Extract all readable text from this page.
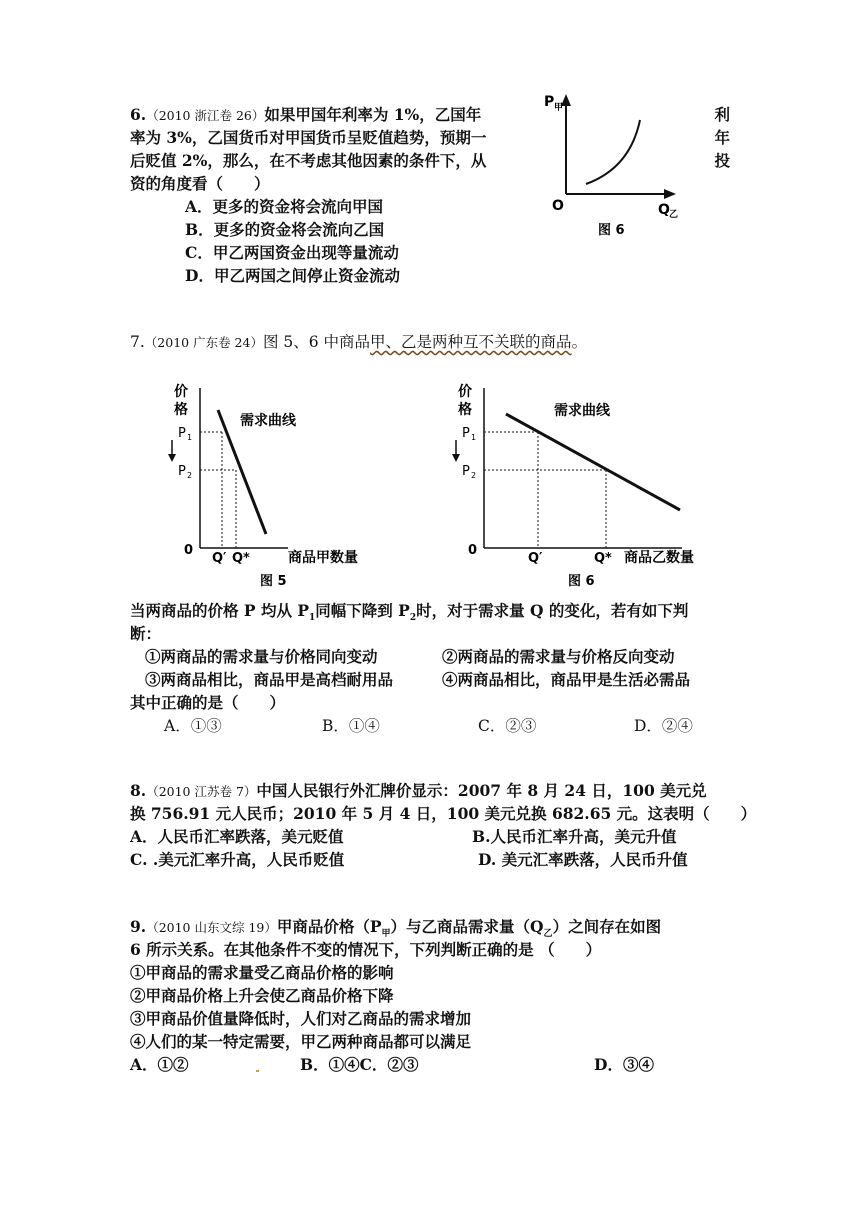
6.（2010 浙江卷 26）如果甲国年利率为 1%，乙国年	利
率为 3%，乙国货币对甲国货币呈贬值趋势，预期一	年
后贬值 2%，那么，在不考虑其他因素的条件下，从	投
资的角度看（　　）
A．更多的资金将会流向甲国
B．更多的资金将会流向乙国
C．甲乙两国资金出现等量流动
D．甲乙两国之间停止资金流动
P 甲
O	Q 乙
图 6
7.（2010 广东卷 24）图 5、6 中商品甲、乙是两种互不关联的商品。
价
格
P 1
P 2
需求曲线
0
Q′ Q*	商品甲数量
图 5
价
格
P 1
P 2
需求曲线
0
Q′	Q* 商品乙数量
图 6
当两商品的价格 P 均从 $P_1$同幅下降到 $P_2$时，对于需求量 Q 的变化，若有如下判
断：
①两商品的需求量与价格同向变动	②两商品的需求量与价格反向变动
③两商品相比，商品甲是高档耐用品	④两商品相比，商品甲是生活必需品
其中正确的是（　　）
A．①③	B．①④	C．②③	D．②④
8.（2010 江苏卷 7）中国人民银行外汇牌价显示：2007 年 8 月 24 日，100 美元兑
换 756.91 元人民币；2010 年 5 月 4 日，100 美元兑换 682.65 元。这表明（　　）
A．人民币汇率跌落，美元贬值	B.人民币汇率升高，美元升值
C. .美元汇率升高，人民币贬值	D. 美元汇率跌落，人民币升值
9.（2010 山东文综 19）甲商品价格$(P_甲)$与乙商品需求量$(Q_乙)$之间存在如图
6 所示关系。在其他条件不变的情况下，下列判断正确的是 （　　）
①甲商品的需求量受乙商品价格的影响
②甲商品价格上升会使乙商品价格下降
③甲商品价值量降低时，人们对乙商品的需求增加
④人们的某一特定需要，甲乙两种商品都可以满足
A．①②	B．①④C．②③	D．③④
